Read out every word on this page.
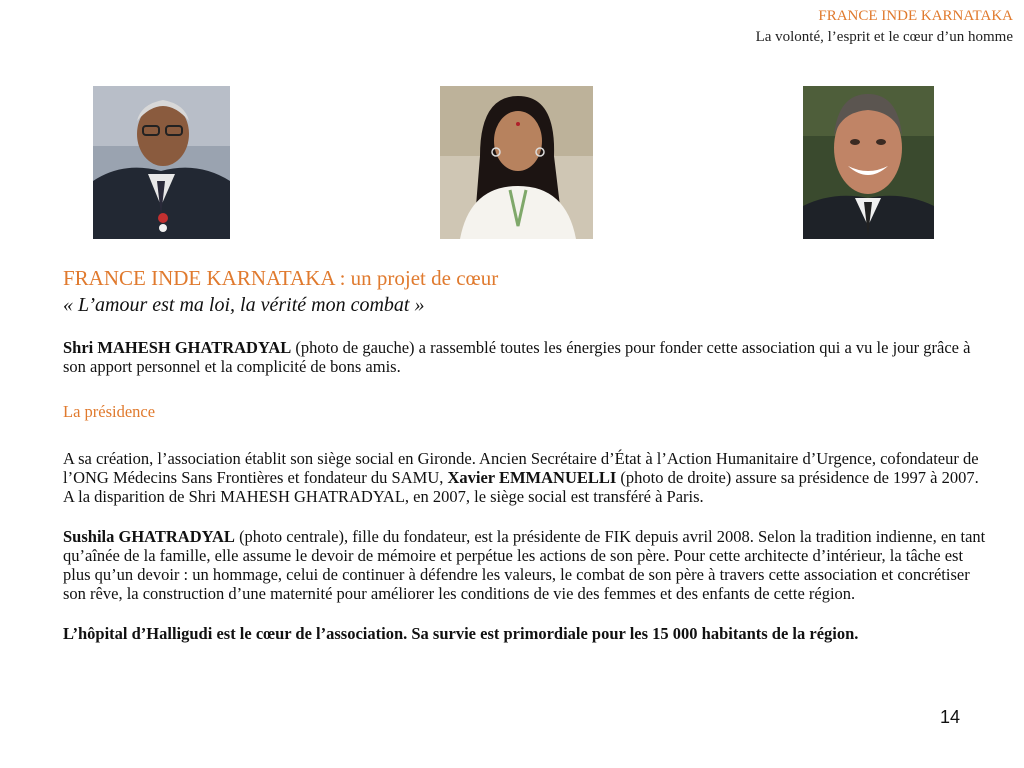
FRANCE INDE KARNATAKA
La volonté, l’esprit et le cœur d’un homme
FRANCE INDE KARNATAKA : un projet de cœur
« L’amour est ma loi, la vérité mon combat »

Shri MAHESH GHATRADYAL (photo de gauche) a rassemblé toutes les énergies pour fonder cette association qui a vu le jour grâce à son apport personnel et la complicité de bons amis.

La présidence

A sa création, l’association établit son siège social en Gironde. Ancien Secrétaire d’État à l’Action Humanitaire d’Urgence, cofondateur de l’ONG Médecins Sans Frontières et fondateur du SAMU, Xavier EMMANUELLI (photo de droite) assure sa présidence de 1997 à 2007. A la disparition de Shri MAHESH GHATRADYAL, en 2007, le siège social est transféré à Paris.

Sushila GHATRADYAL (photo centrale), fille du fondateur, est la présidente de FIK depuis avril 2008. Selon la tradition indienne, en tant qu’aînée de la famille, elle assume le devoir de mémoire et perpétue les actions de son père. Pour cette architecte d’intérieur, la tâche est plus qu’un devoir : un hommage, celui de continuer à défendre les valeurs, le combat de son père à travers cette association et concrétiser son rêve, la construction d’une maternité pour améliorer les conditions de vie des femmes et des enfants de cette région.

L’hôpital d’Halligudi est le cœur de l’association. Sa survie est primordiale pour les 15 000 habitants de la région.

14
